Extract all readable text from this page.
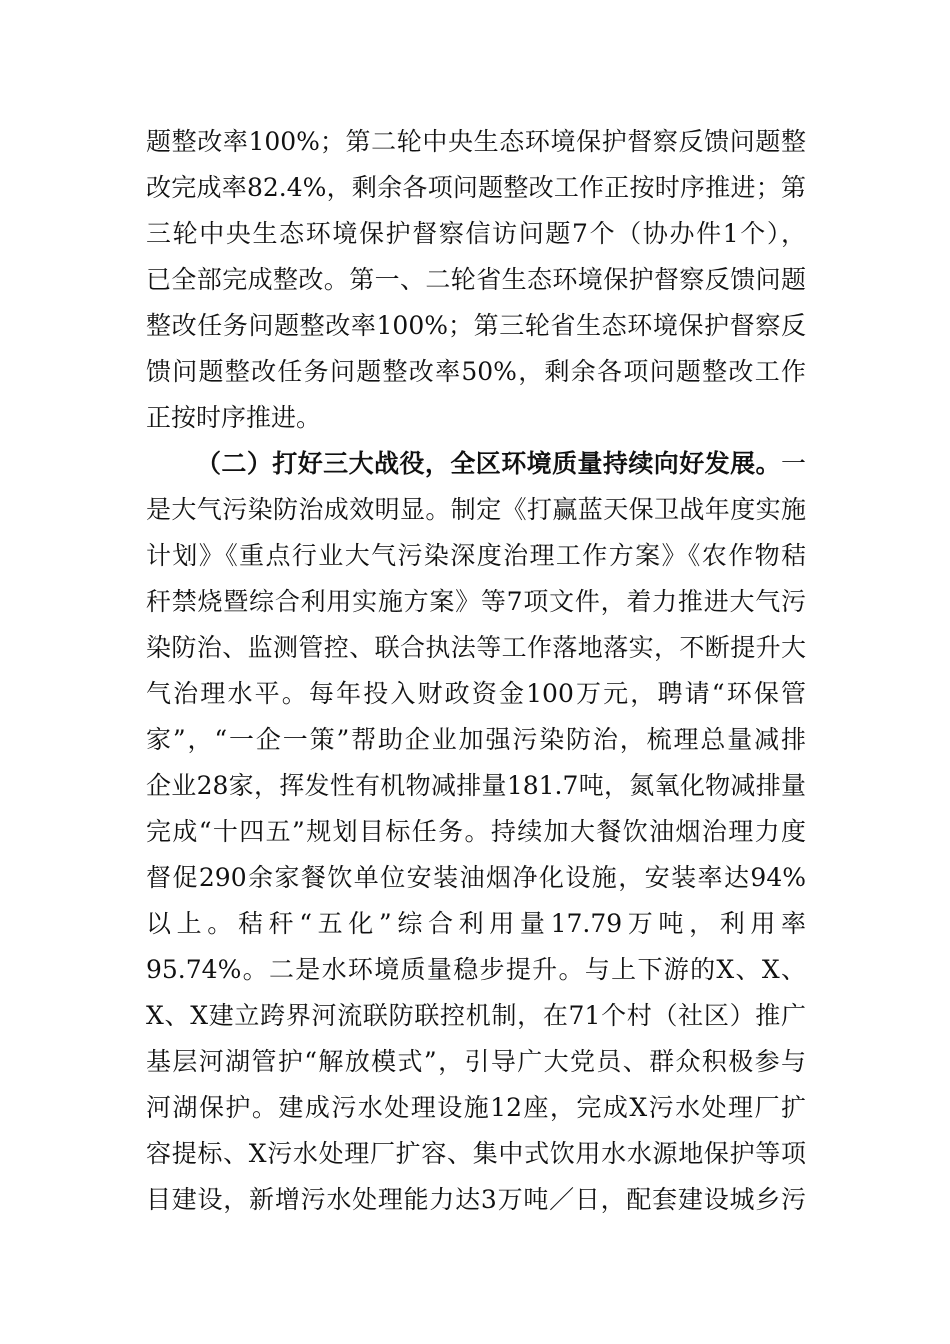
题整改率100%；第二轮中央生态环境保护督察反馈问题整
改完成率82.4%，剩余各项问题整改工作正按时序推进；第
三轮中央生态环境保护督察信访问题7个（协办件1个），
已全部完成整改。第一、二轮省生态环境保护督察反馈问题
整改任务问题整改率100%；第三轮省生态环境保护督察反
馈问题整改任务问题整改率50%，剩余各项问题整改工作
正按时序推进。
（二）打好三大战役，全区环境质量持续向好发展。一
是大气污染防治成效明显。制定《打赢蓝天保卫战年度实施
计划》《重点行业大气污染深度治理工作方案》《农作物秸
秆禁烧暨综合利用实施方案》等7项文件，着力推进大气污
染防治、监测管控、联合执法等工作落地落实，不断提升大
气治理水平。每年投入财政资金100万元，聘请“环保管
家”，“一企一策”帮助企业加强污染防治，梳理总量减排
企业28家，挥发性有机物减排量181.7吨，氮氧化物减排量
完成“十四五”规划目标任务。持续加大餐饮油烟治理力度
督促290余家餐饮单位安装油烟净化设施，安装率达94%
以上。秸秆“五化”综合利用量17.79万吨，利用率
95.74%。二是水环境质量稳步提升。与上下游的X、X、
X、X建立跨界河流联防联控机制，在71个村（社区）推广
基层河湖管护“解放模式”，引导广大党员、群众积极参与
河湖保护。建成污水处理设施12座，完成X污水处理厂扩
容提标、X污水处理厂扩容、集中式饮用水水源地保护等项
目建设，新增污水处理能力达3万吨／日，配套建设城乡污
